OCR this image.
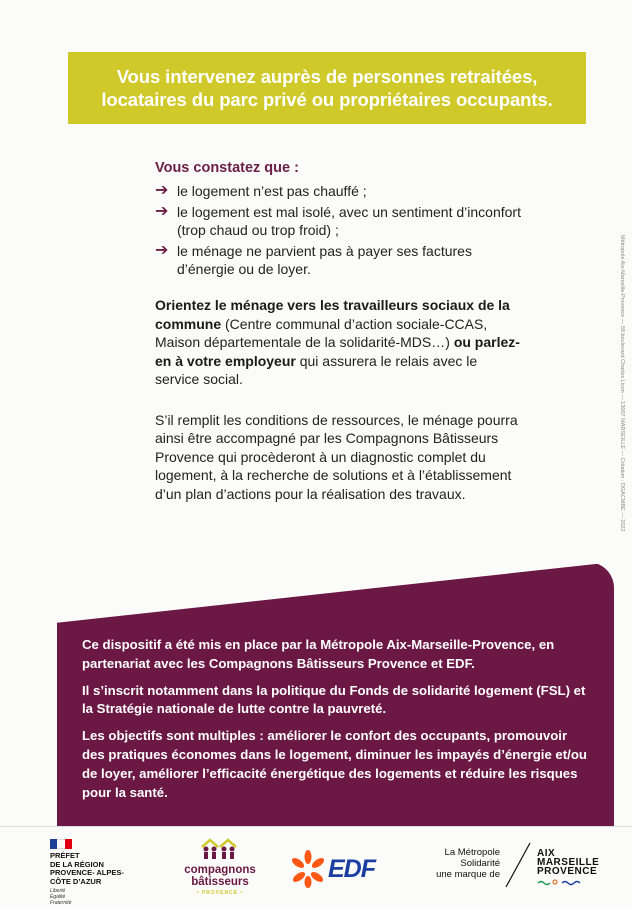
Vous intervenez auprès de personnes retraitées,
locataires du parc privé ou propriétaires occupants.
Métropole Aix-Marseille-Provence — 58 boulevard Charles Livon — 13007 MARSEILLE — Création : DGACMBE — 2022
Vous constatez que :
➔ le logement n’est pas chauffé ;
➔ le logement est mal isolé, avec un sentiment d’inconfort (trop chaud ou trop froid) ;
➔ le ménage ne parvient pas à payer ses factures d’énergie ou de loyer.

Orientez le ménage vers les travailleurs sociaux de la commune (Centre communal d’action sociale-CCAS, Maison départementale de la solidarité-MDS…) ou parlez-en à votre employeur qui assurera le relais avec le service social.

S’il remplit les conditions de ressources, le ménage pourra ainsi être accompagné par les Compagnons Bâtisseurs Provence qui procèderont à un diagnostic complet du logement, à la recherche de solutions et à l’établissement d’un plan d’actions pour la réalisation des travaux.

Ce dispositif a été mis en place par la Métropole Aix-Marseille-Provence, en partenariat avec les Compagnons Bâtisseurs Provence et EDF.

Il s’inscrit notamment dans la politique du Fonds de solidarité logement (FSL) et la Stratégie nationale de lutte contre la pauvreté.

Les objectifs sont multiples : améliorer le confort des occupants, promouvoir des pratiques économes dans le logement, diminuer les impayés d’énergie et/ou de loyer, améliorer l’efficacité énergétique des logements et réduire les risques pour la santé.

PRÉFET
DE LA RÉGION
PROVENCE- ALPES-
CÔTE D’AZUR
Liberté
Égalité
Fraternité
compagnons
bâtisseurs
• PROVENCE •
EDF
La Métropole
Solidarité
une marque de
AIX
MARSEILLE
PROVENCE
